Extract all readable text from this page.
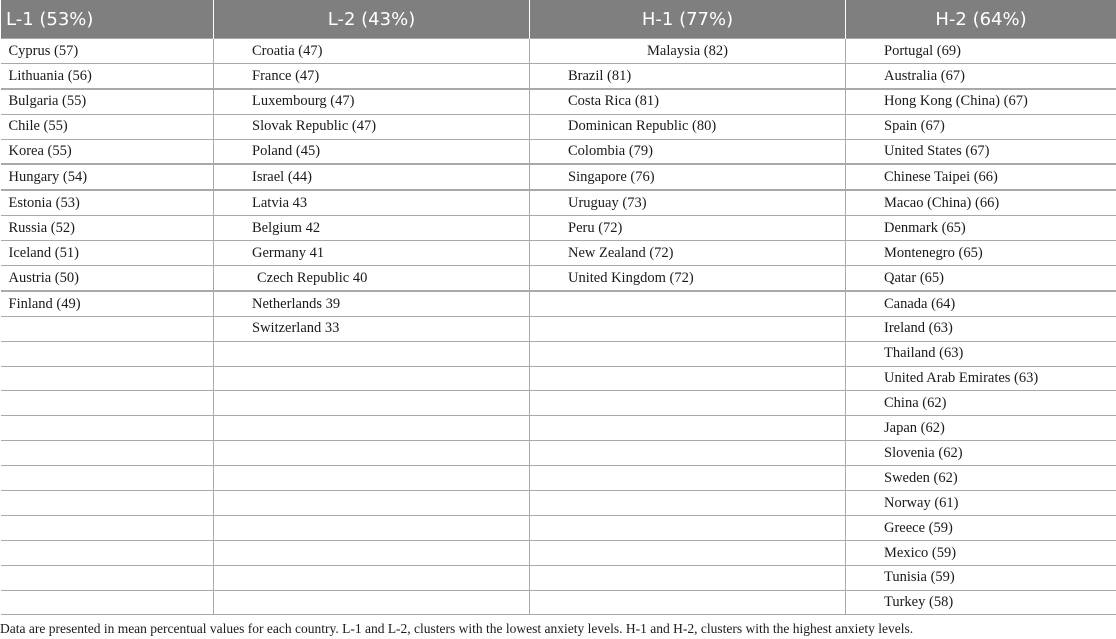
L-1 (53%)	L-2 (43%)	H-1 (77%)	H-2 (64%)
Cyprus (57)	Croatia (47)	Malaysia (82)	Portugal (69)
Lithuania (56)	France (47)	Brazil (81)	Australia (67)
Bulgaria (55)	Luxembourg (47)	Costa Rica (81)	Hong Kong (China) (67)
Chile (55)	Slovak Republic (47)	Dominican Republic (80)	Spain (67)
Korea (55)	Poland (45)	Colombia (79)	United States (67)
Hungary (54)	Israel (44)	Singapore (76)	Chinese Taipei (66)
Estonia (53)	Latvia 43	Uruguay (73)	Macao (China) (66)
Russia (52)	Belgium 42	Peru (72)	Denmark (65)
Iceland (51)	Germany 41	New Zealand (72)	Montenegro (65)
Austria (50)	Czech Republic 40	United Kingdom (72)	Qatar (65)
Finland (49)	Netherlands 39		Canada (64)
	Switzerland 33		Ireland (63)
			Thailand (63)
			United Arab Emirates (63)
			China (62)
			Japan (62)
			Slovenia (62)
			Sweden (62)
			Norway (61)
			Greece (59)
			Mexico (59)
			Tunisia (59)
			Turkey (58)
Data are presented in mean percentual values for each country. L-1 and L-2, clusters with the lowest anxiety levels. H-1 and H-2, clusters with the highest anxiety levels.
